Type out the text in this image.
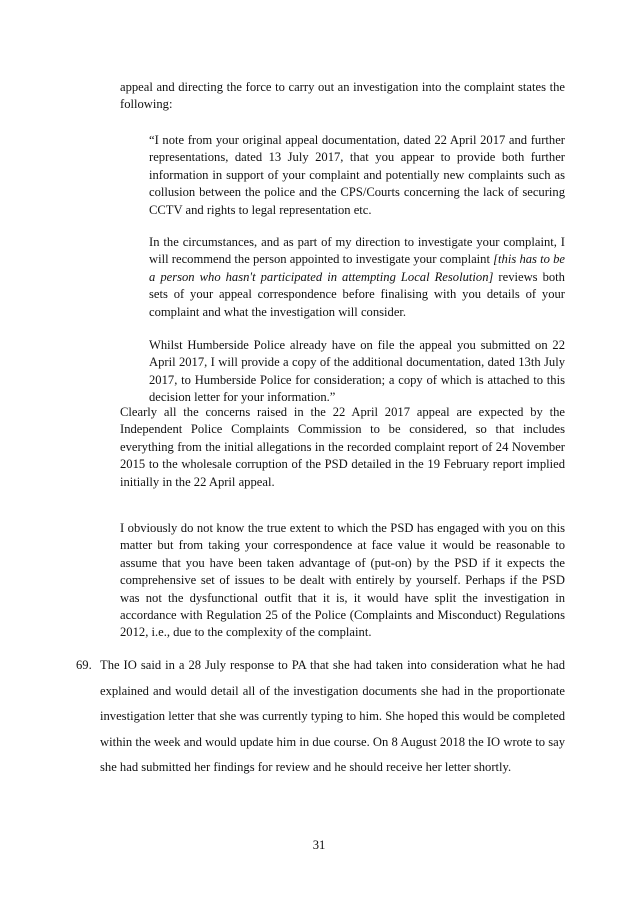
appeal and directing the force to carry out an investigation into the complaint states the following:

“I note from your original appeal documentation, dated 22 April 2017 and further representations, dated 13 July 2017, that you appear to provide both further information in support of your complaint and potentially new complaints such as collusion between the police and the CPS/Courts concerning the lack of securing CCTV and rights to legal representation etc.

In the circumstances, and as part of my direction to investigate your complaint, I will recommend the person appointed to investigate your complaint [this has to be a person who hasn't participated in attempting Local Resolution] reviews both sets of your appeal correspondence before finalising with you details of your complaint and what the investigation will consider.

Whilst Humberside Police already have on file the appeal you submitted on 22 April 2017, I will provide a copy of the additional documentation, dated 13th July 2017, to Humberside Police for consideration; a copy of which is attached to this decision letter for your information.”

Clearly all the concerns raised in the 22 April 2017 appeal are expected by the Independent Police Complaints Commission to be considered, so that includes everything from the initial allegations in the recorded complaint report of 24 November 2015 to the wholesale corruption of the PSD detailed in the 19 February report implied initially in the 22 April appeal.

I obviously do not know the true extent to which the PSD has engaged with you on this matter but from taking your correspondence at face value it would be reasonable to assume that you have been taken advantage of (put-on) by the PSD if it expects the comprehensive set of issues to be dealt with entirely by yourself. Perhaps if the PSD was not the dysfunctional outfit that it is, it would have split the investigation in accordance with Regulation 25 of the Police (Complaints and Misconduct) Regulations 2012, i.e., due to the complexity of the complaint.

69. The IO said in a 28 July response to PA that she had taken into consideration what he had explained and would detail all of the investigation documents she had in the proportionate investigation letter that she was currently typing to him. She hoped this would be completed within the week and would update him in due course. On 8 August 2018 the IO wrote to say she had submitted her findings for review and he should receive her letter shortly.

31
